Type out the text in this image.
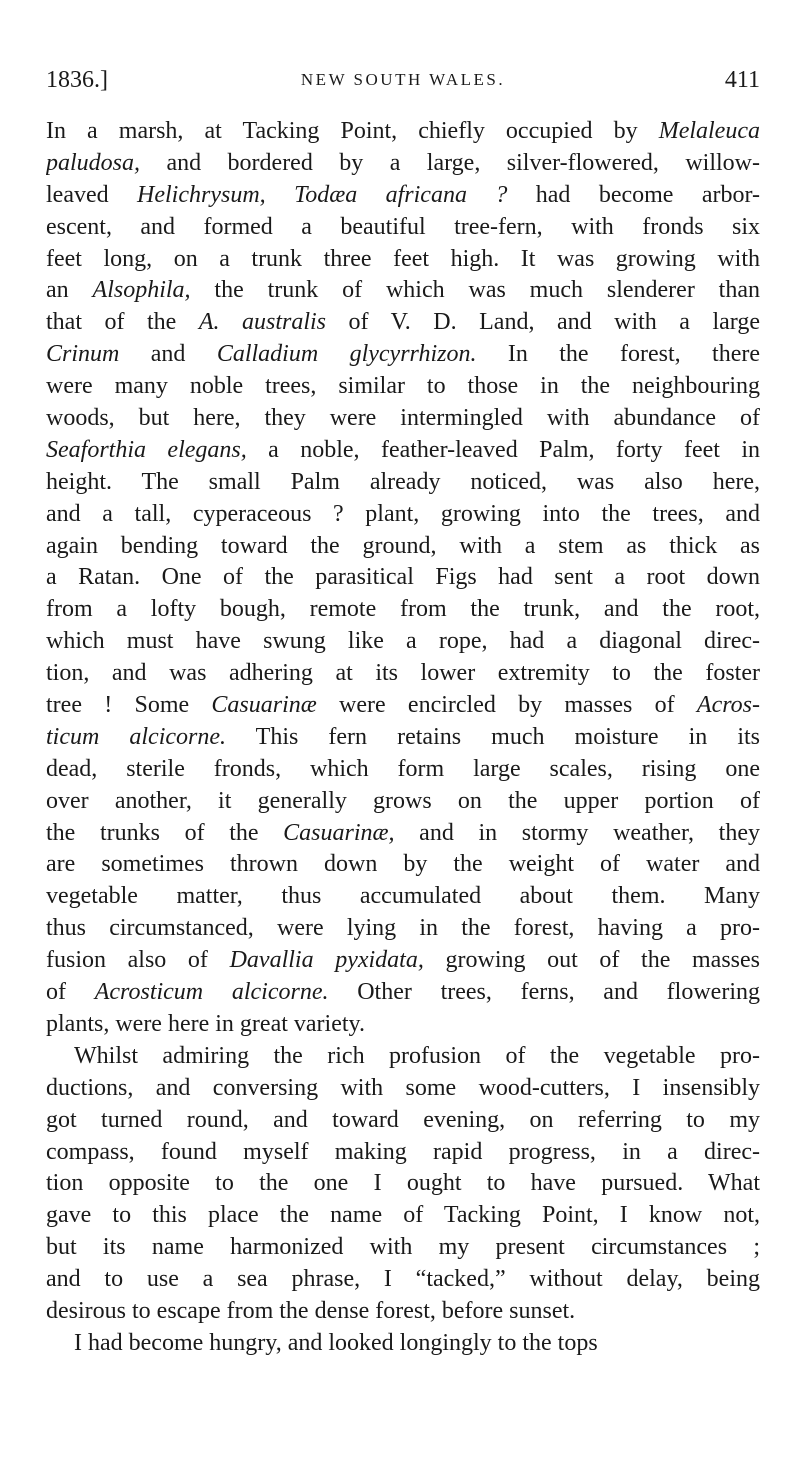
1836.]	NEW SOUTH WALES.	411
In a marsh, at Tacking Point, chiefly occupied by Melaleuca
paludosa, and bordered by a large, silver-flowered, willow-
leaved Helichrysum, Todæa africana ? had become arbor-
escent, and formed a beautiful tree-fern, with fronds six
feet long, on a trunk three feet high. It was growing with
an Alsophila, the trunk of which was much slenderer than
that of the A. australis of V. D. Land, and with a large
Crinum and Calladium glycyrrhizon. In the forest, there
were many noble trees, similar to those in the neighbouring
woods, but here, they were intermingled with abundance of
Seaforthia elegans, a noble, feather-leaved Palm, forty feet in
height. The small Palm already noticed, was also here,
and a tall, cyperaceous ? plant, growing into the trees, and
again bending toward the ground, with a stem as thick as
a Ratan. One of the parasitical Figs had sent a root down
from a lofty bough, remote from the trunk, and the root,
which must have swung like a rope, had a diagonal direc-
tion, and was adhering at its lower extremity to the foster
tree ! Some Casuarinæ were encircled by masses of Acros-
ticum alcicorne. This fern retains much moisture in its
dead, sterile fronds, which form large scales, rising one
over another, it generally grows on the upper portion of
the trunks of the Casuarinæ, and in stormy weather, they
are sometimes thrown down by the weight of water and
vegetable matter, thus accumulated about them. Many
thus circumstanced, were lying in the forest, having a pro-
fusion also of Davallia pyxidata, growing out of the masses
of Acrosticum alcicorne. Other trees, ferns, and flowering
plants, were here in great variety.
Whilst admiring the rich profusion of the vegetable pro-
ductions, and conversing with some wood-cutters, I insensibly
got turned round, and toward evening, on referring to my
compass, found myself making rapid progress, in a direc-
tion opposite to the one I ought to have pursued. What
gave to this place the name of Tacking Point, I know not,
but its name harmonized with my present circumstances ;
and to use a sea phrase, I “tacked,” without delay, being
desirous to escape from the dense forest, before sunset.
I had become hungry, and looked longingly to the tops
